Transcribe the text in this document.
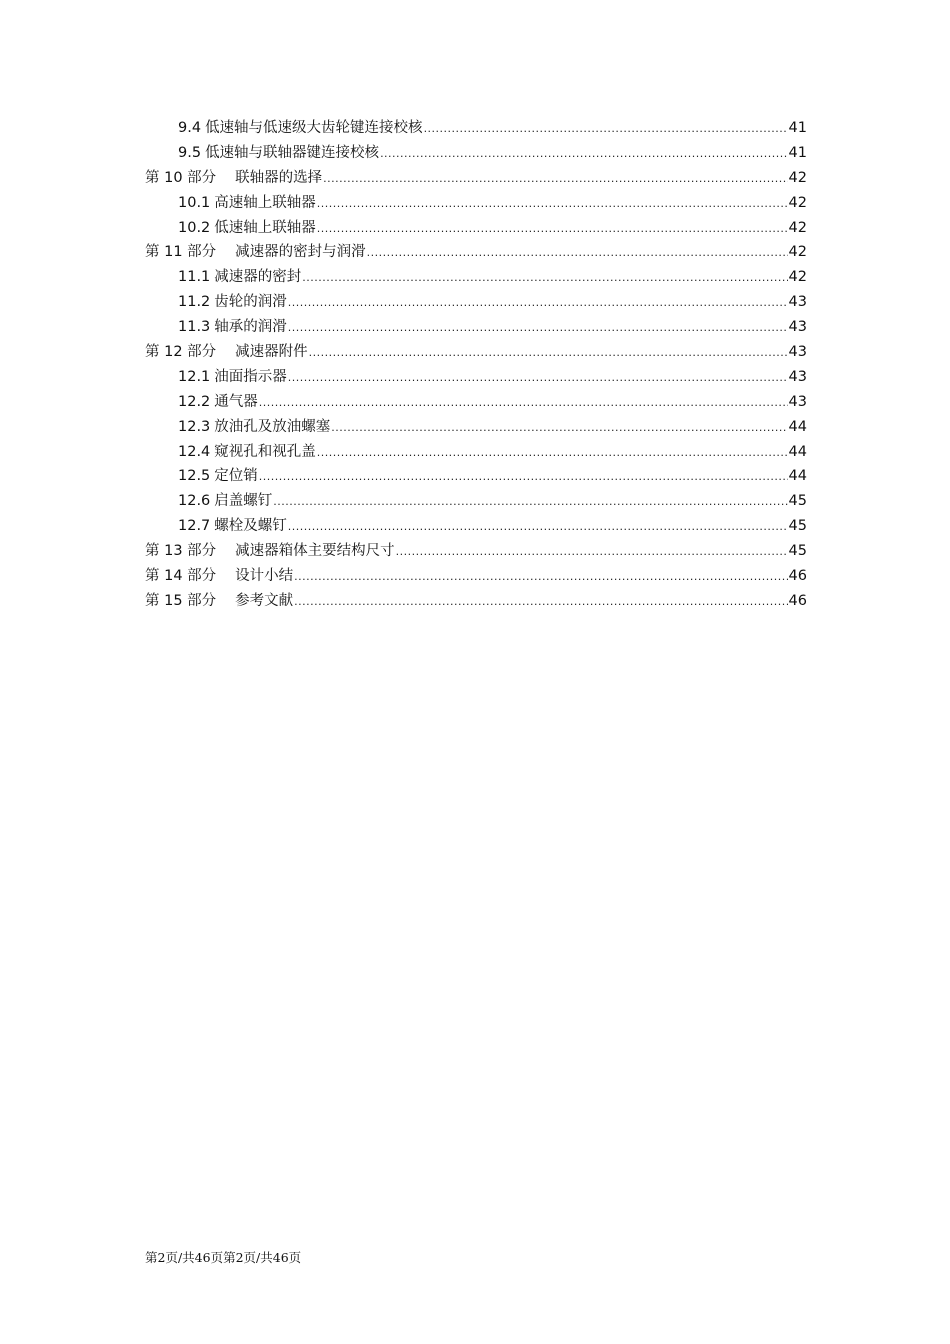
9.4 低速轴与低速级大齿轮键连接校核 .....	41
9.5 低速轴与联轴器键连接校核 .....	41
第 10 部分 联轴器的选择 .....	42
10.1 高速轴上联轴器 .....	42
10.2 低速轴上联轴器 .....	42
第 11 部分 减速器的密封与润滑 .....	42
11.1 减速器的密封 .....	42
11.2 齿轮的润滑 .....	43
11.3 轴承的润滑 .....	43
第 12 部分 减速器附件 .....	43
12.1 油面指示器 .....	43
12.2 通气器 .....	43
12.3 放油孔及放油螺塞 .....	44
12.4 窥视孔和视孔盖 .....	44
12.5 定位销 .....	44
12.6 启盖螺钉 .....	45
12.7 螺栓及螺钉 .....	45
第 13 部分 减速器箱体主要结构尺寸 .....	45
第 14 部分 设计小结 .....	46
第 15 部分 参考文献 .....	46
第2页/共46页第2页/共46页
